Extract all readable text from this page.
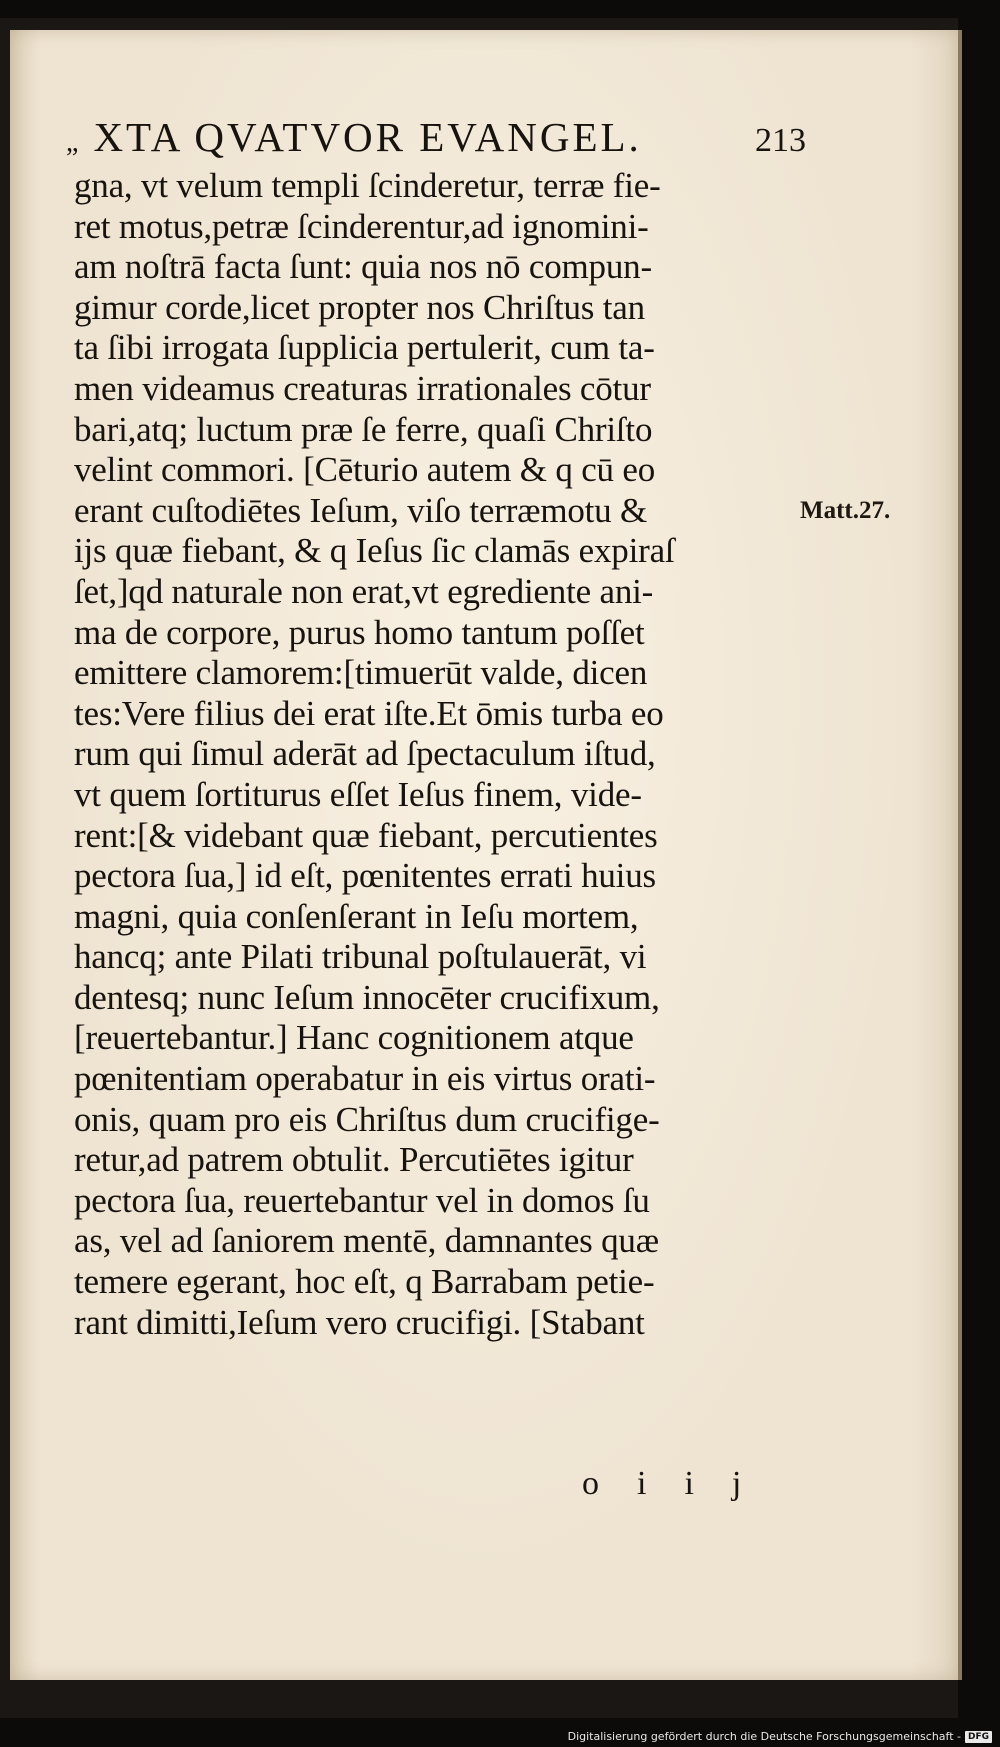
„ XTA QVATVOR EVANGEL.	213
gna, vt velum templi ſcinderetur, terræ fie‑
ret motus,petræ ſcinderentur,ad ignomini‑
am noſtrā facta ſunt: quia nos nō compun‑
gimur corde,licet propter nos Chriſtus tan
ta ſibi irrogata ſupplicia pertulerit, cum ta‑
men videamus creaturas irrationales cōtur
bari,atq; luctum præ ſe ferre, quaſi Chriſto
velint commori. [Cēturio autem & q cū eo
erant cuſtodiētes Ieſum, viſo terræmotu &
ijs quæ fiebant, & q Ieſus ſic clamās expiraſ
ſet,]qd naturale non erat,vt egrediente ani‑
ma de corpore, purus homo tantum poſſet
emittere clamorem:[timuerūt valde, dicen
tes:Vere filius dei erat iſte.Et ōmis turba eo
rum qui ſimul aderāt ad ſpectaculum iſtud,
vt quem ſortiturus eſſet Ieſus finem, vide‑
rent:[& videbant quæ fiebant, percutientes
pectora ſua,] id eſt, pœnitentes errati huius
magni, quia conſenſerant in Ieſu mortem,
hancq; ante Pilati tribunal poſtulauerāt, vi
dentesq; nunc Ieſum innocēter crucifixum,
[reuertebantur.] Hanc cognitionem atque
pœnitentiam operabatur in eis virtus orati‑
onis, quam pro eis Chriſtus dum crucifige‑
retur,ad patrem obtulit. Percutiētes igitur
pectora ſua, reuertebantur vel in domos ſu
as, vel ad ſaniorem mentē, damnantes quæ
temere egerant, hoc eſt, q Barrabam petie‑
rant dimitti,Ieſum vero crucifigi. [Stabant
Matt.27.
oiij
Digitalisierung gefördert durch die Deutsche Forschungsgemeinschaft - DFG
